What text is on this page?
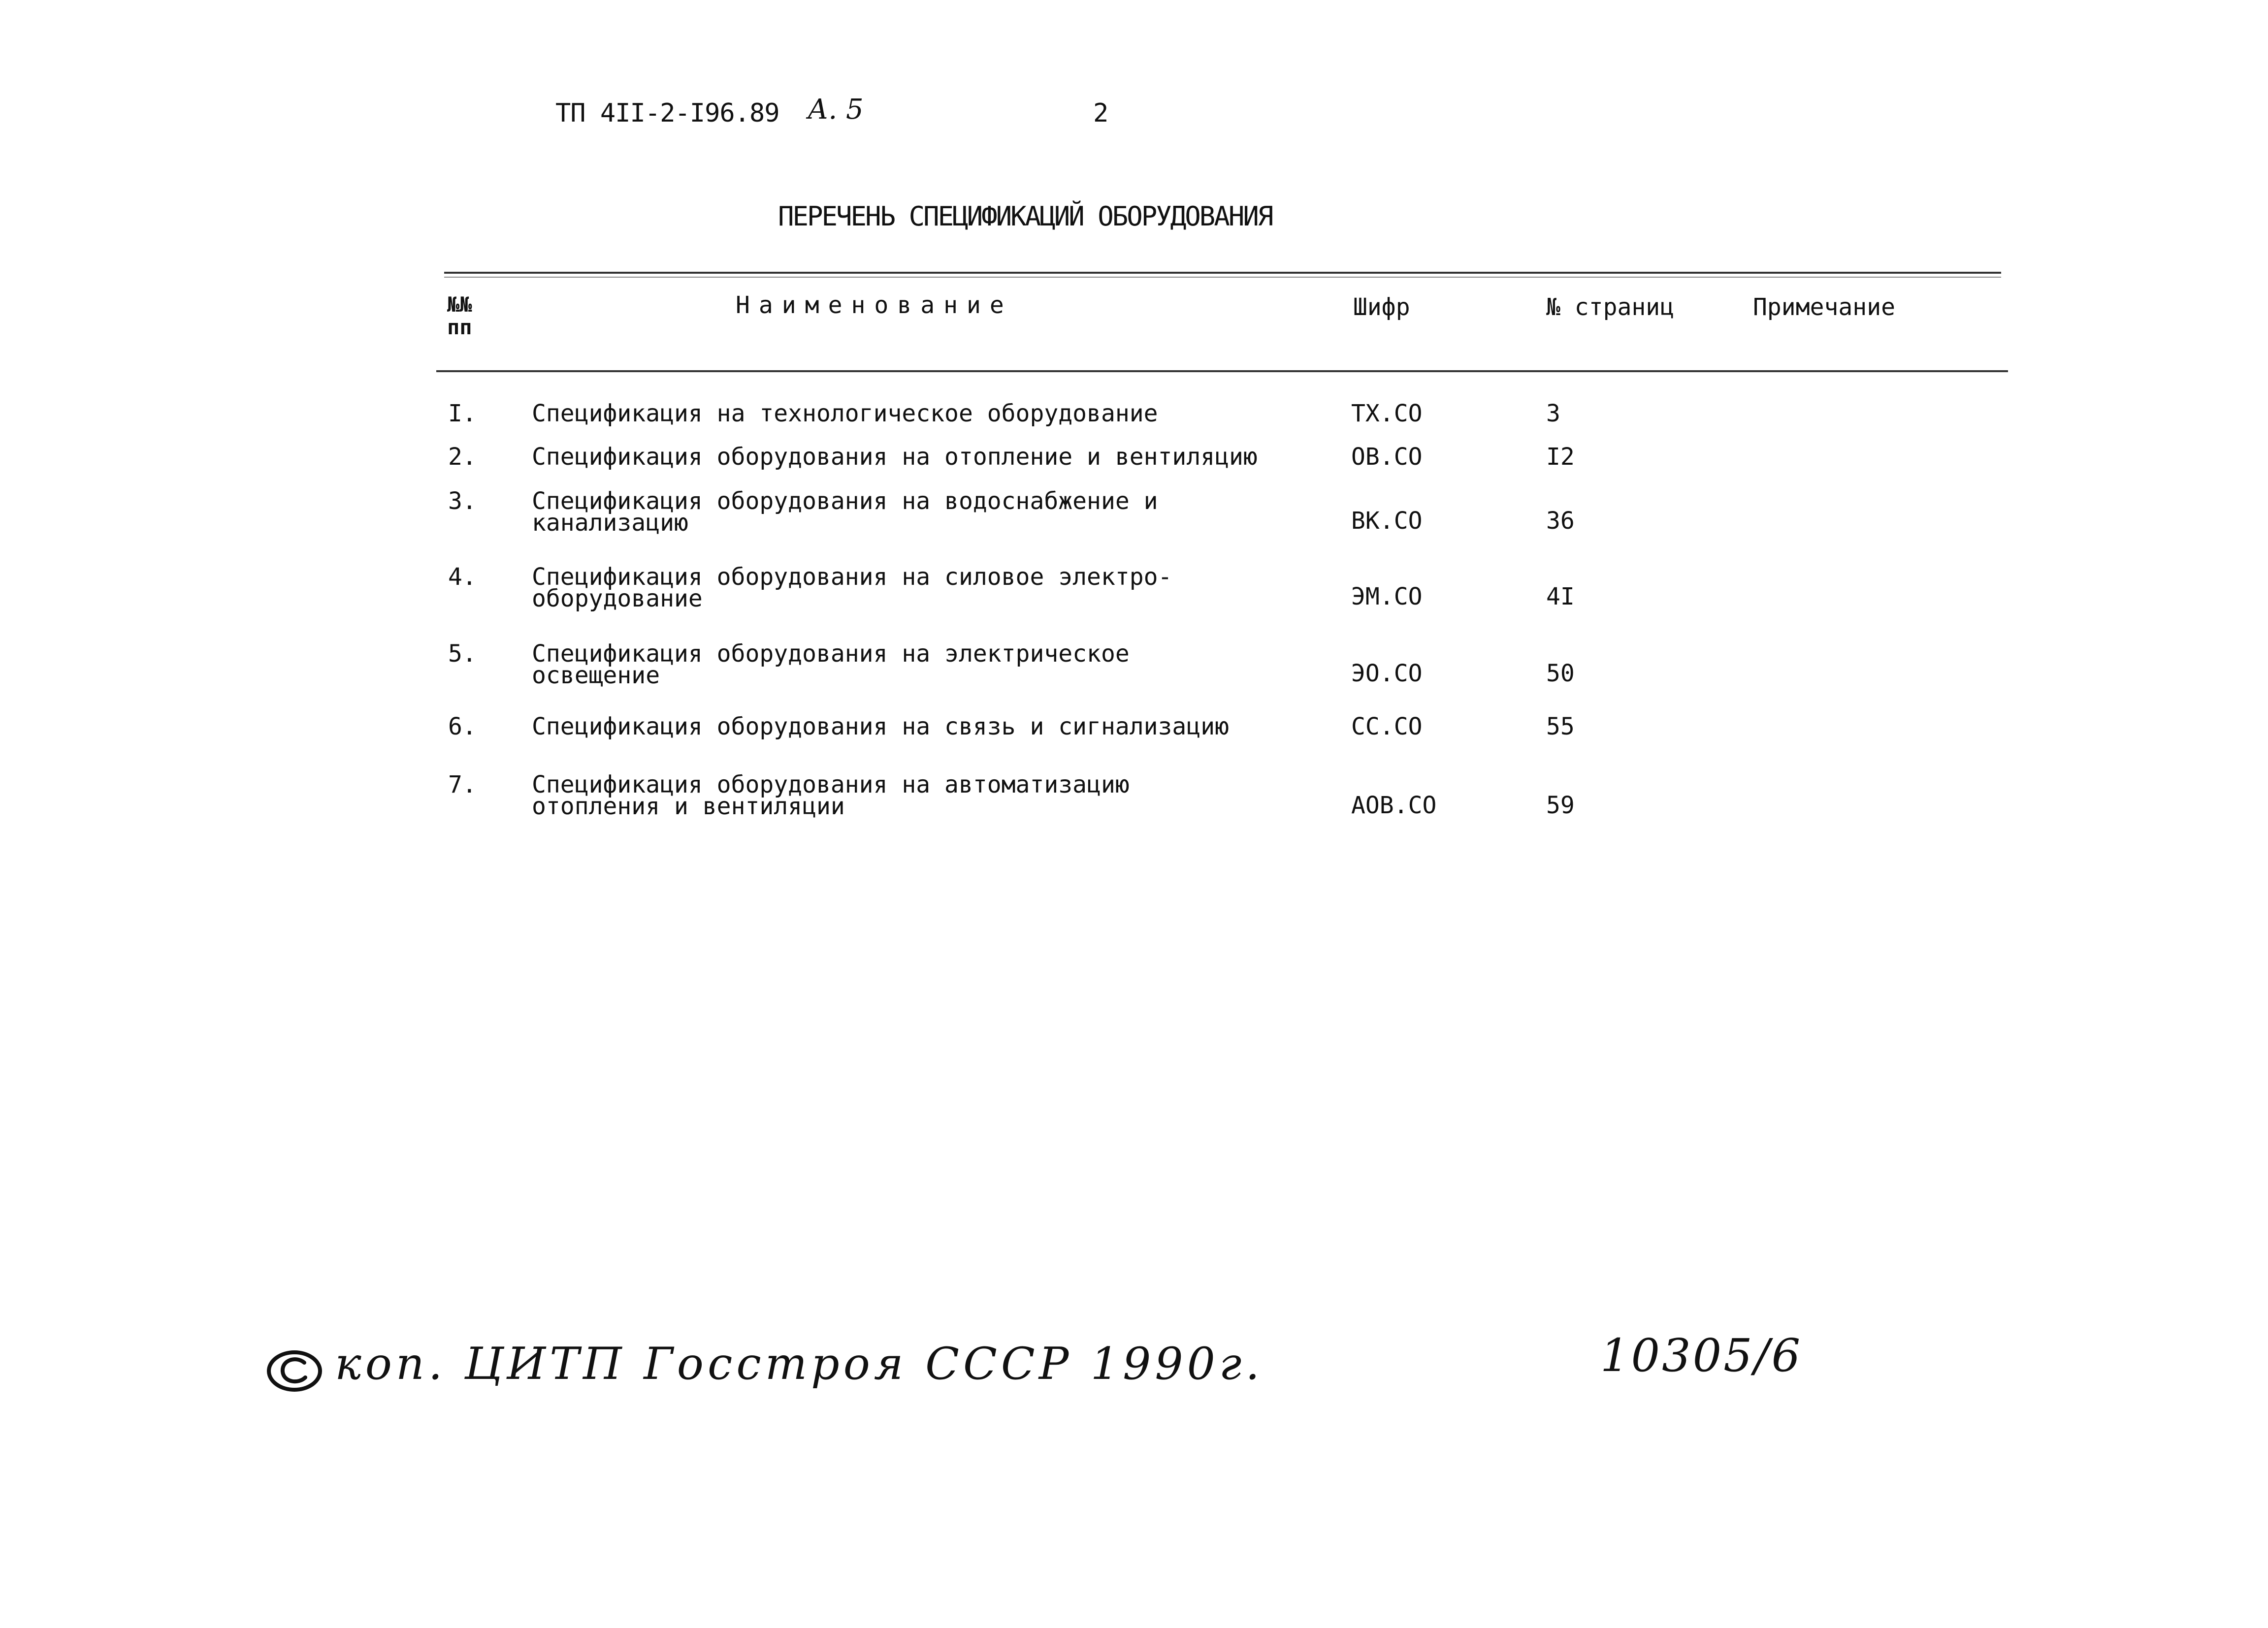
ТП 4II-2-I96.89 А. 5	2
ПЕРЕЧЕНЬ СПЕЦИФИКАЦИЙ ОБОРУДОВАНИЯ
№№
пп
Наименование	Шифр	№ страниц	Примечание
I. Спецификация на технологическое оборудование	ТХ.СО	3
2. Спецификация оборудования на отопление и вентиляцию	ОВ.СО	I2
3. Спецификация оборудования на водоснабжение и
канализацию	ВК.СО	36
4. Спецификация оборудования на силовое электро-
оборудование	ЭМ.СО	4I
5. Спецификация оборудования на электрическое
освещение	ЭО.СО	50
6. Спецификация оборудования на связь и сигнализацию	СС.СО	55
7. Спецификация оборудования на автоматизацию
отопления и вентиляции	АОВ.СО	59
коп. ЦИТП Госстроя СССР 1990г.	10305/6
